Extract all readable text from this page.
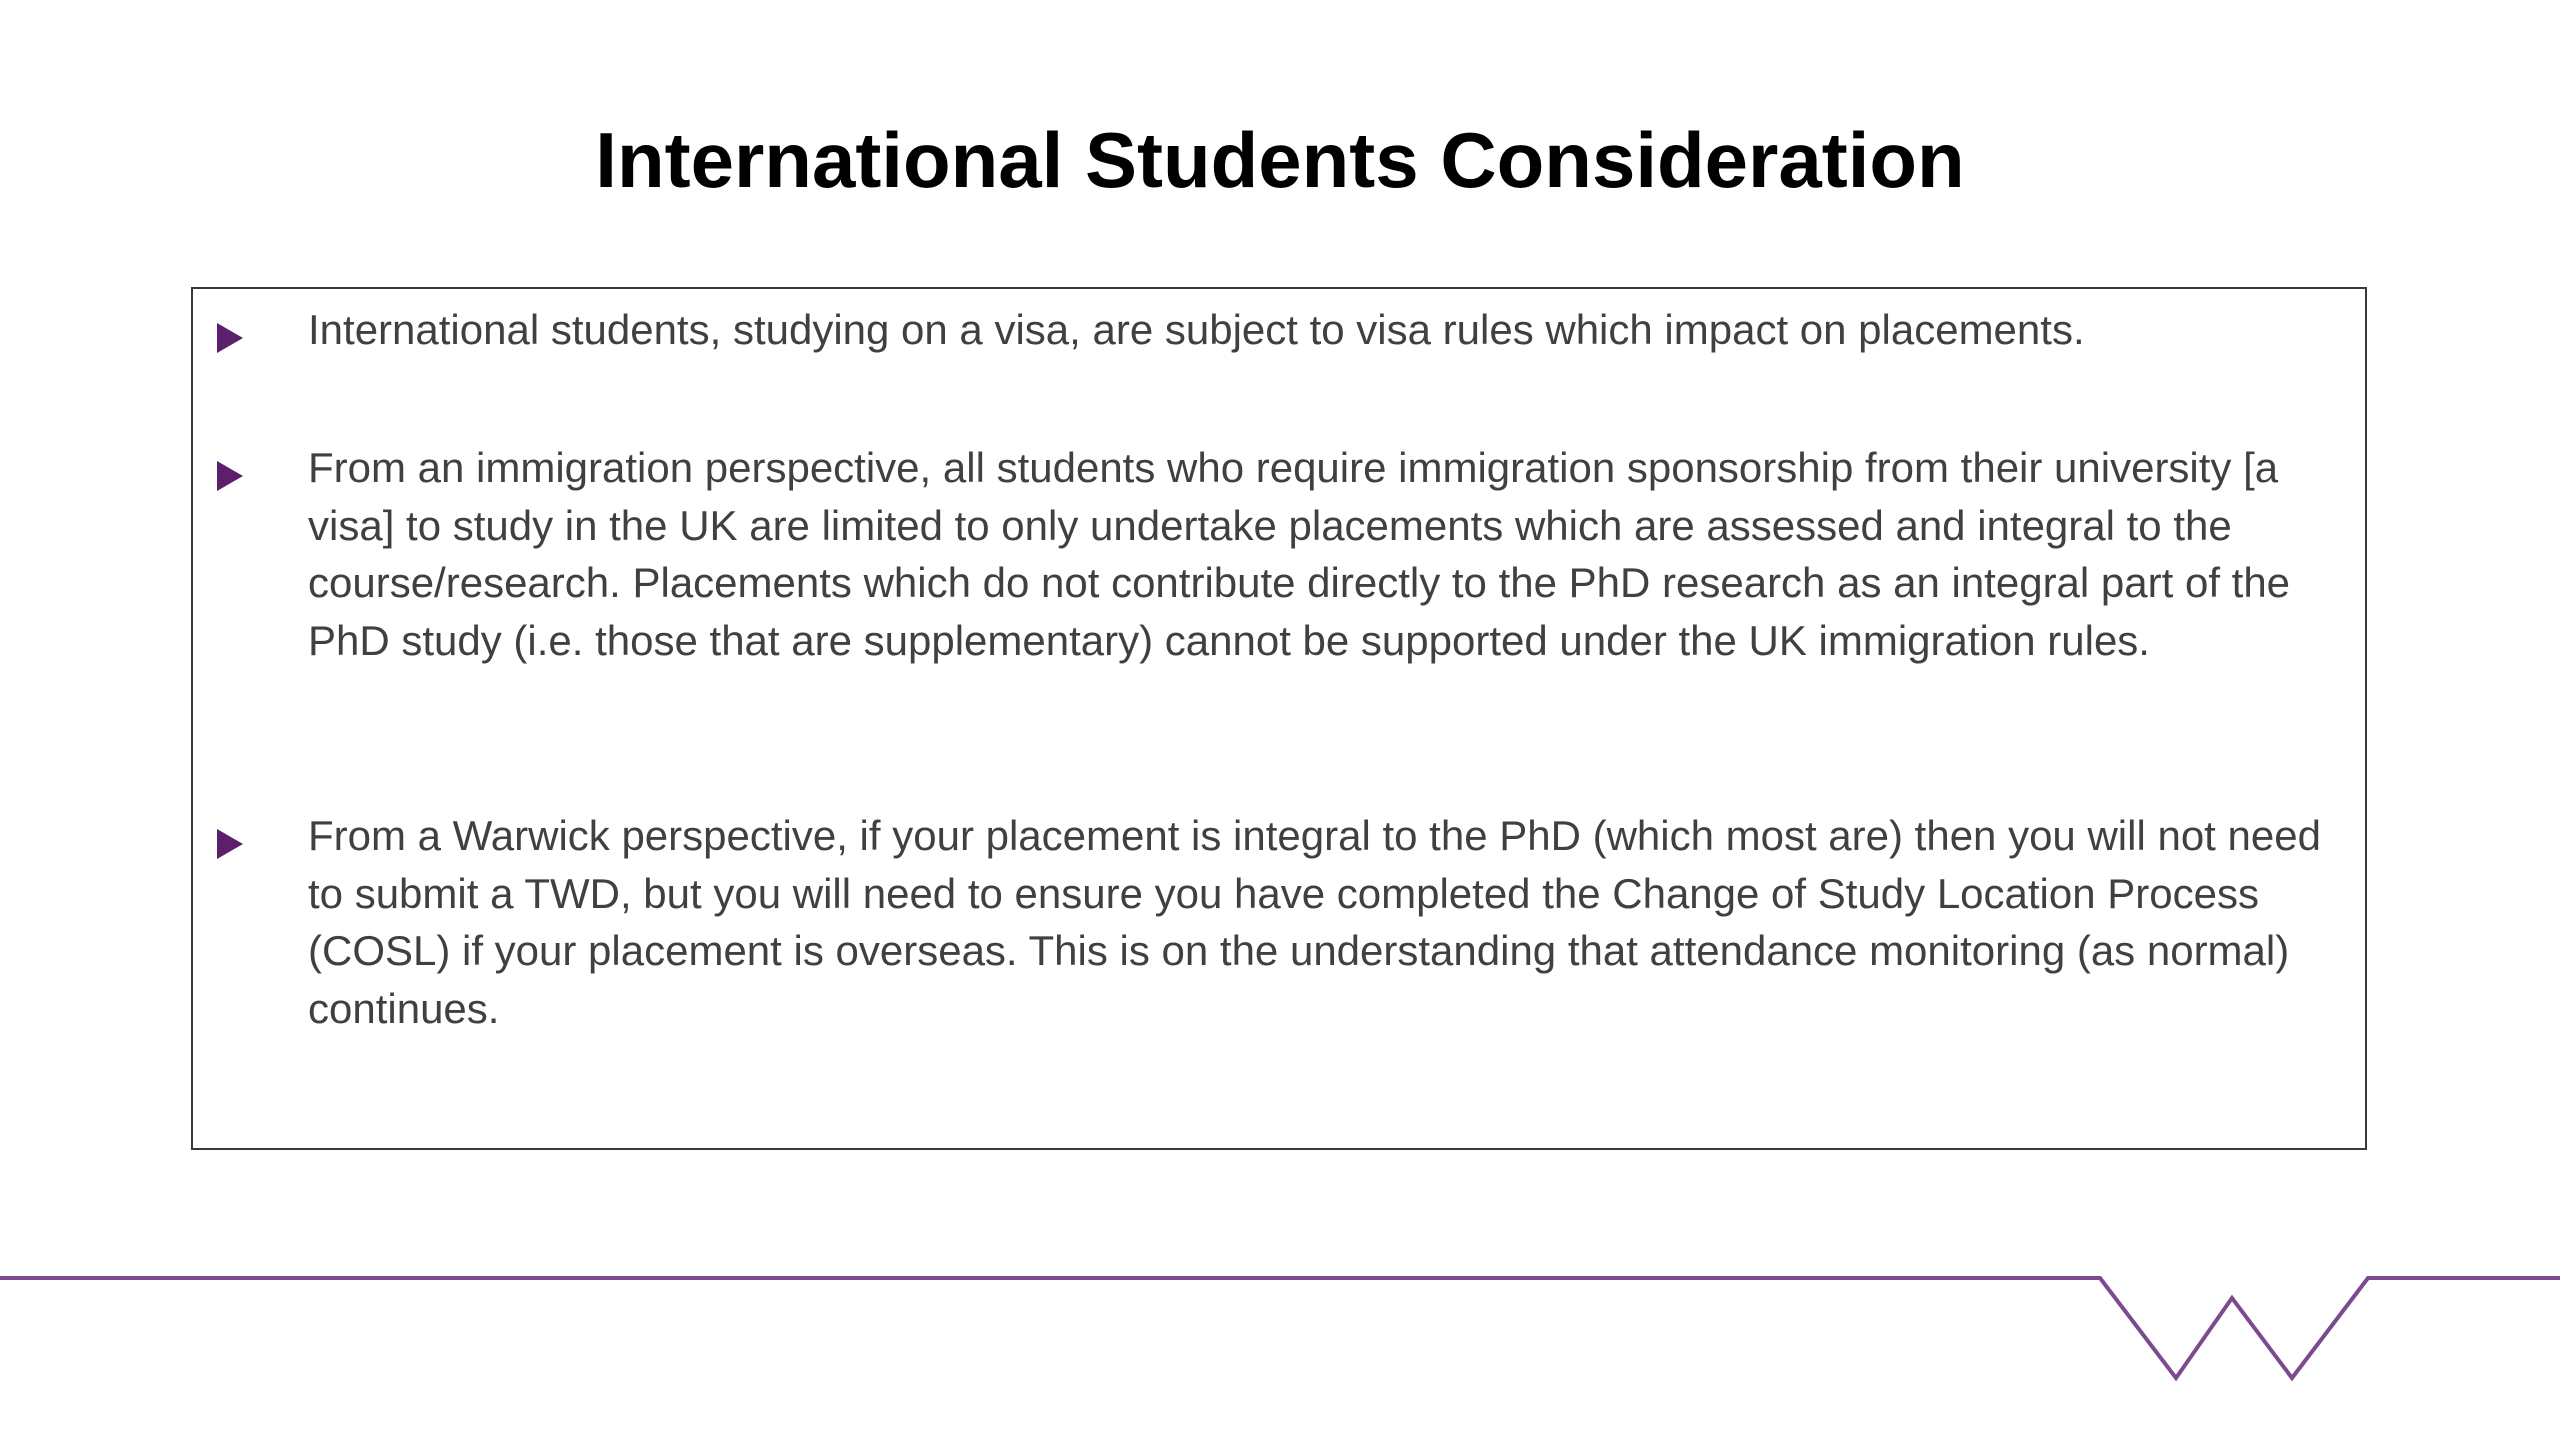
International Students Consideration

International students, studying on a visa, are subject to visa rules which impact on placements.

From an immigration perspective, all students who require immigration sponsorship from their university [a visa] to study in the UK are limited to only undertake placements which are assessed and integral to the course/research. Placements which do not contribute directly to the PhD research as an integral part of the PhD study (i.e. those that are supplementary) cannot be supported under the UK immigration rules.

From a Warwick perspective, if your placement is integral to the PhD (which most are) then you will not need to submit a TWD, but you will need to ensure you have completed the Change of Study Location Process (COSL) if your placement is overseas. This is on the understanding that attendance monitoring (as normal) continues.
